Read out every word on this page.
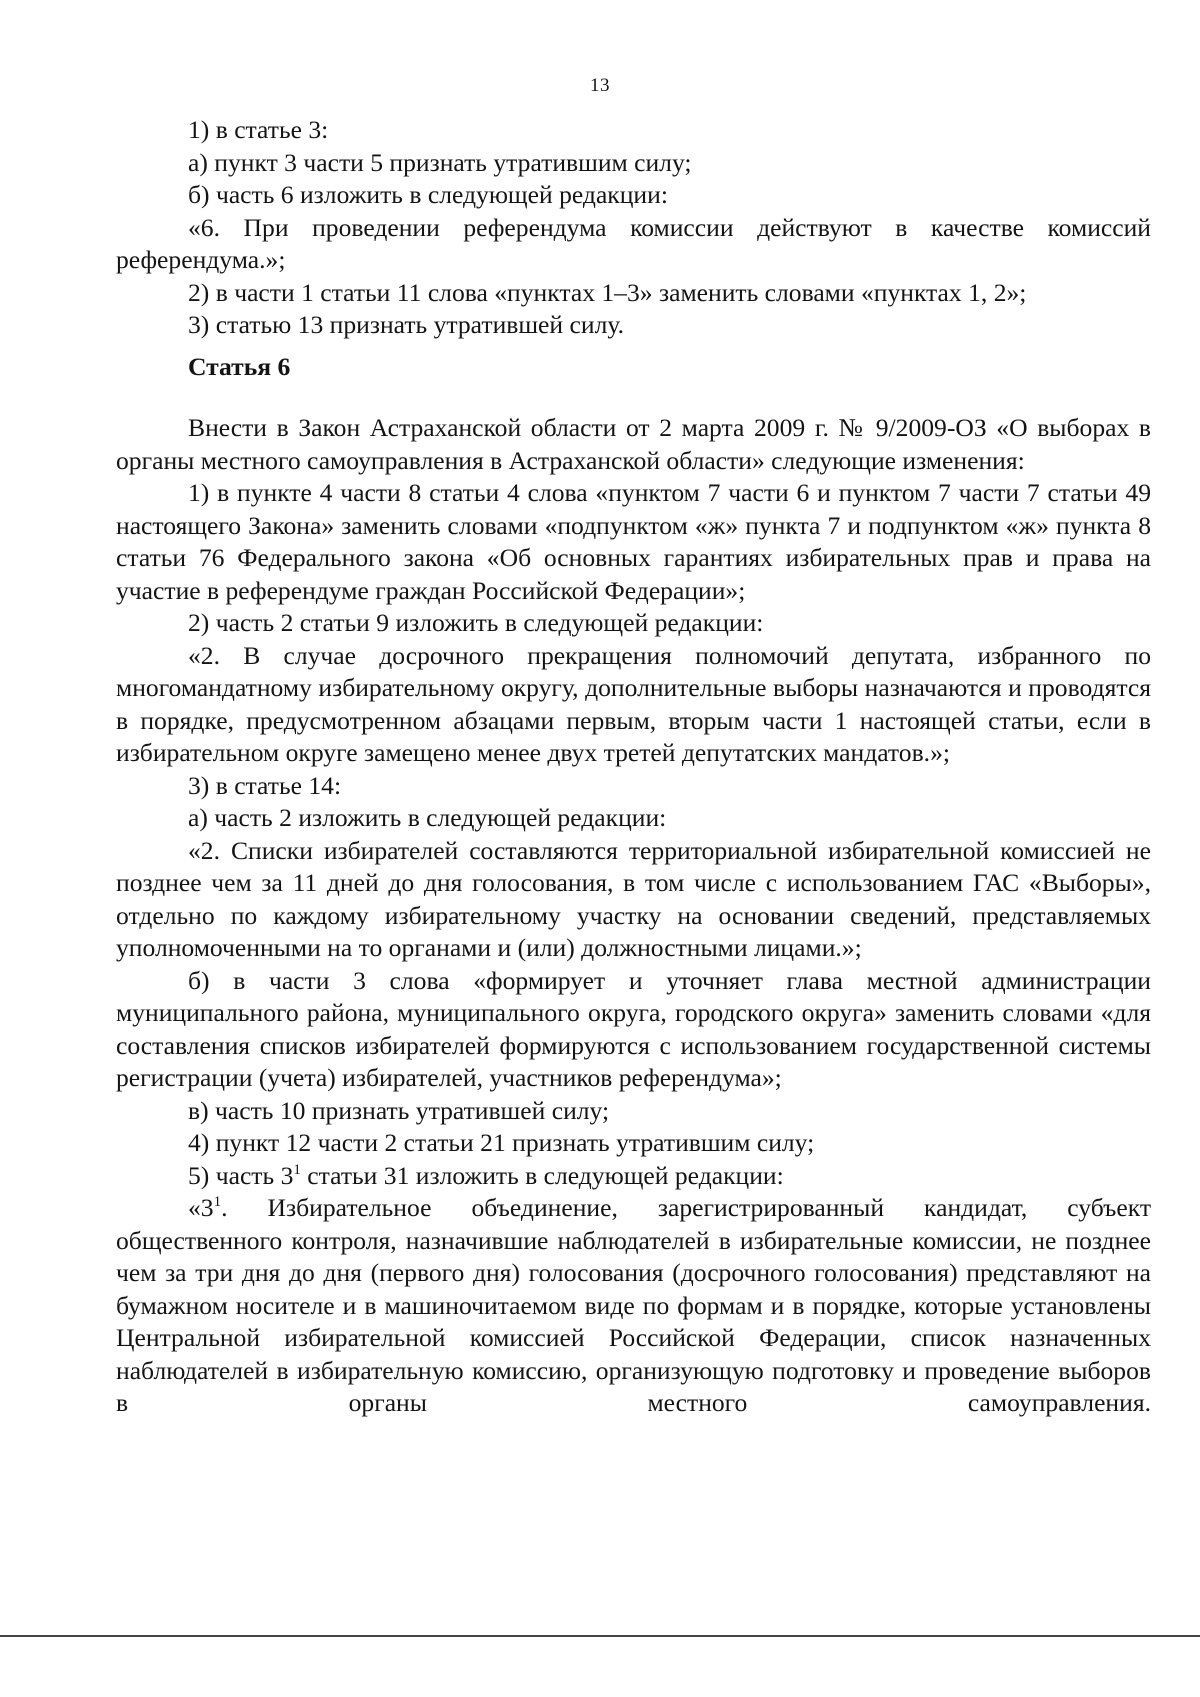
13

1) в статье 3:

а) пункт 3 части 5 признать утратившим силу;

б) часть 6 изложить в следующей редакции:

«6. При проведении референдума комиссии действуют в качестве комиссий референдума.»;

2) в части 1 статьи 11 слова «пунктах 1–3» заменить словами «пунктах 1, 2»;

3) статью 13 признать утратившей силу.

Статья 6

Внести в Закон Астраханской области от 2 марта 2009 г. № 9/2009-ОЗ «О выборах в органы местного самоуправления в Астраханской области» следующие изменения:

1) в пункте 4 части 8 статьи 4 слова «пунктом 7 части 6 и пунктом 7 части 7 статьи 49 настоящего Закона» заменить словами «подпунктом «ж» пункта 7 и подпунктом «ж» пункта 8 статьи 76 Федерального закона «Об основных гарантиях избирательных прав и права на участие в референдуме граждан Российской Федерации»;

2) часть 2 статьи 9 изложить в следующей редакции:

«2. В случае досрочного прекращения полномочий депутата, избранного по многомандатному избирательному округу, дополнительные выборы назначаются и проводятся в порядке, предусмотренном абзацами первым, вторым части 1 настоящей статьи, если в избирательном округе замещено менее двух третей депутатских мандатов.»;

3) в статье 14:

а) часть 2 изложить в следующей редакции:

«2. Списки избирателей составляются территориальной избирательной комиссией не позднее чем за 11 дней до дня голосования, в том числе с использованием ГАС «Выборы», отдельно по каждому избирательному участку на основании сведений, представляемых уполномоченными на то органами и (или) должностными лицами.»;

б) в части 3 слова «формирует и уточняет глава местной администрации муниципального района, муниципального округа, городского округа» заменить словами «для составления списков избирателей формируются с использованием государственной системы регистрации (учета) избирателей, участников референдума»;

в) часть 10 признать утратившей силу;

4) пункт 12 части 2 статьи 21 признать утратившим силу;

5) часть $3^1$ статьи 31 изложить в следующей редакции:

«$3^1$. Избирательное объединение, зарегистрированный кандидат, субъект общественного контроля, назначившие наблюдателей в избирательные комиссии, не позднее чем за три дня до дня (первого дня) голосования (досрочного голосования) представляют на бумажном носителе и в машиночитаемом виде по формам и в порядке, которые установлены Центральной избирательной комиссией Российской Федерации, список назначенных наблюдателей в избирательную комиссию, организующую подготовку и проведение выборов в органы местного самоуправления.
